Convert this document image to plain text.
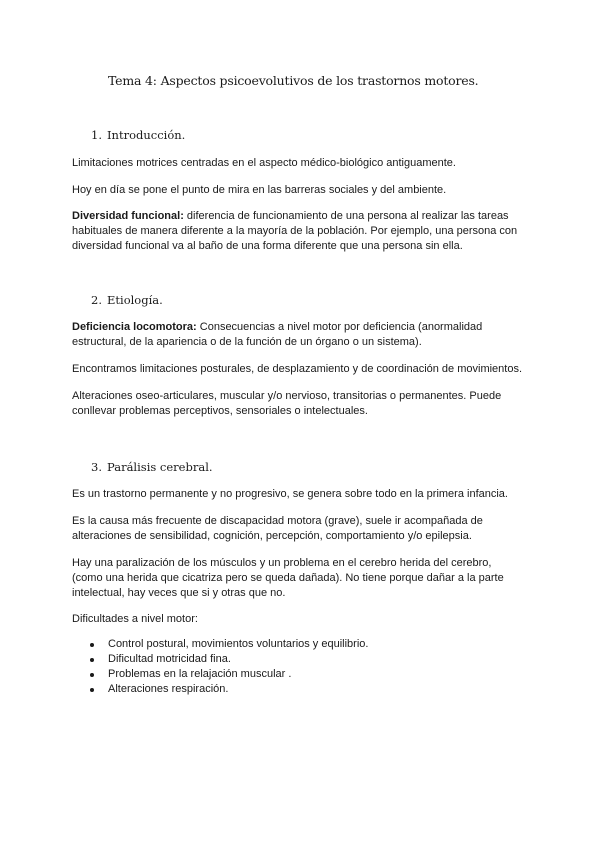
Tema 4: Aspectos psicoevolutivos de los trastornos motores.
1. Introducción.
Limitaciones motrices centradas en el aspecto médico-biológico antiguamente.
Hoy en día se pone el punto de mira en las barreras sociales y del ambiente.
Diversidad funcional: diferencia de funcionamiento de una persona al realizar las tareas
habituales de manera diferente a la mayoría de la población. Por ejemplo, una persona con
diversidad funcional va al baño de una forma diferente que una persona sin ella.
2. Etiología.
Deficiencia locomotora: Consecuencias a nivel motor por deficiencia (anormalidad
estructural, de la apariencia o de la función de un órgano o un sistema).
Encontramos limitaciones posturales, de desplazamiento y de coordinación de movimientos.
Alteraciones oseo-articulares, muscular y/o nervioso, transitorias o permanentes. Puede
conllevar problemas perceptivos, sensoriales o intelectuales.
3. Parálisis cerebral.
Es un trastorno permanente y no progresivo, se genera sobre todo en la primera infancia.
Es la causa más frecuente de discapacidad motora (grave), suele ir acompañada de
alteraciones de sensibilidad, cognición, percepción, comportamiento y/o epilepsia.
Hay una paralización de los músculos y un problema en el cerebro herida del cerebro,
(como una herida que cicatriza pero se queda dañada). No tiene porque dañar a la parte
intelectual, hay veces que si y otras que no.
Dificultades a nivel motor:
Control postural, movimientos voluntarios y equilibrio.
Dificultad motricidad fina.
Problemas en la relajación muscular .
Alteraciones respiración.
